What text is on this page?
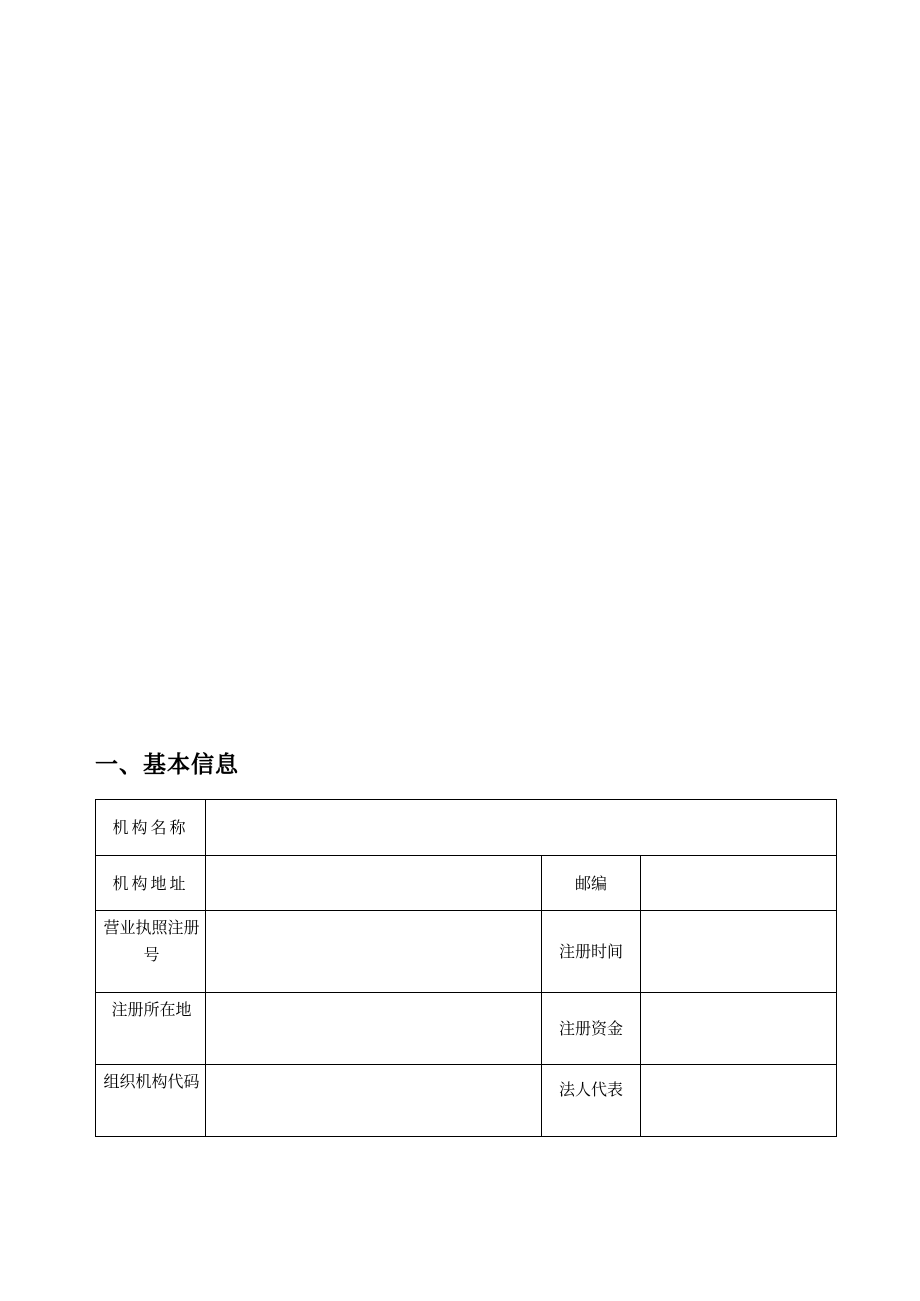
一、基本信息
机构名称			
机构地址		邮编	
营业执照注册号		注册时间	
注册所在地		注册资金	
组织机构代码		法人代表	
